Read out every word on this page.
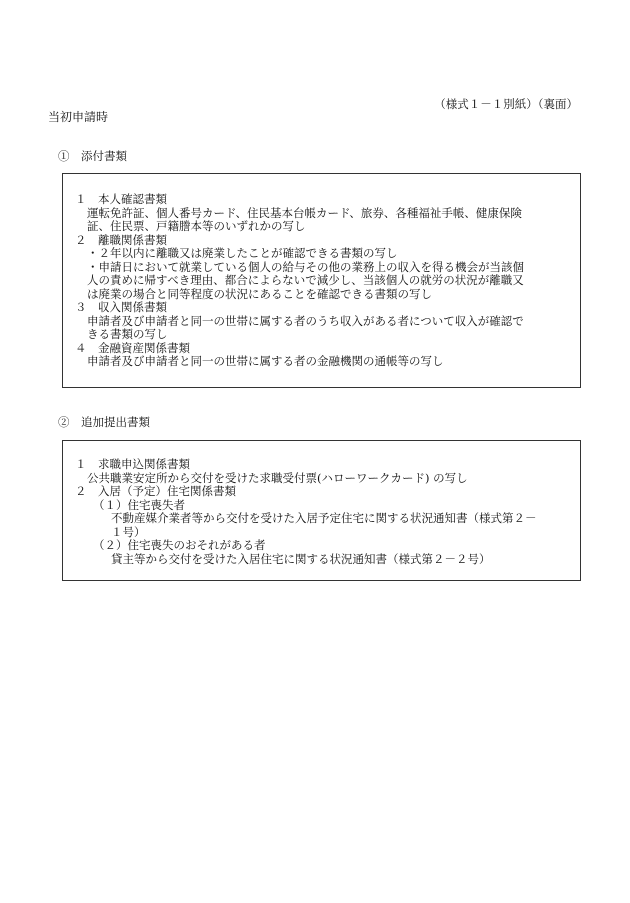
（様式１－１別紙）（裏面）
当初申請時
①　添付書類
１　本人確認書類
運転免許証、個人番号カード、住民基本台帳カード、旅券、各種福祉手帳、健康保険
証、住民票、戸籍謄本等のいずれかの写し
２　離職関係書類
・２年以内に離職又は廃業したことが確認できる書類の写し
・申請日において就業している個人の給与その他の業務上の収入を得る機会が当該個
人の責めに帰すべき理由、都合によらないで減少し、当該個人の就労の状況が離職又
は廃業の場合と同等程度の状況にあることを確認できる書類の写し
３　収入関係書類
申請者及び申請者と同一の世帯に属する者のうち収入がある者について収入が確認で
きる書類の写し
４　金融資産関係書類
申請者及び申請者と同一の世帯に属する者の金融機関の通帳等の写し
②　追加提出書類
１　求職申込関係書類
公共職業安定所から交付を受けた求職受付票(ハローワークカード) の写し
２　入居（予定）住宅関係書類
（１）住宅喪失者
不動産媒介業者等から交付を受けた入居予定住宅に関する状況通知書（様式第２－
１号）
（２）住宅喪失のおそれがある者
貸主等から交付を受けた入居住宅に関する状況通知書（様式第２－２号）
